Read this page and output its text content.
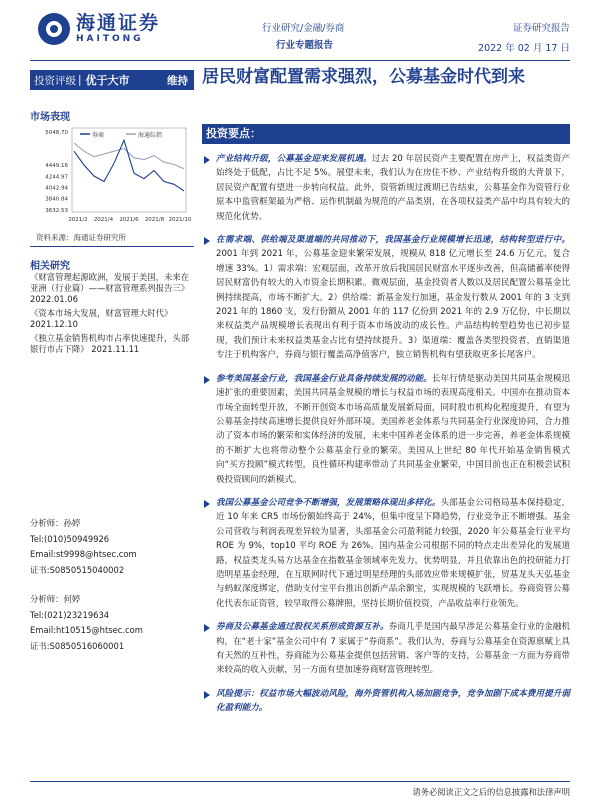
海通证券
HAITONG
行业研究/金融/券商
行业专题报告
证券研究报告
2022 年 02 月 17 日
投资评级 | 优于大市	维持 居民财富配置需求强烈，公募基金时代到来
市场表现
5048.70
4449.16
4244.97
4042.94
3840.84
3632.53
2021/2 2021/4 2021/6 2021/8 2021/10
券商	海通综指
资料来源：海通证券研究所
相关研究
《财富管理起源欧洲，发展于美国，未来在亚洲（行业篇）——财富管理系列报告三》 2022.01.06
《资本市场大发展，财富管理大时代》 2021.12.10
《独立基金销售机构市占率快速提升，头部银行市占下降》 2021.11.11
分析师：孙婷
Tel:(010)50949926
Email:st9998@htsec.com
证书:S0850515040002
分析师：何婷
Tel:(021)23219634
Email:ht10515@htsec.com
证书:S0850516060001
投资要点：
产业结构升级，公募基金迎来发展机遇。过去 20 年居民资产主要配置在房产上，权益类资产始终处于低配，占比不足 5%。展望未来，我们认为在房住不炒、产业结构升级的大背景下，居民资产配置有望进一步转向权益。此外，资管新规过渡期已告结束，公募基金作为资管行业原本中监管框架最为严格、运作机制最为规范的产品类别，在各项权益类产品中均具有较大的规范化优势。
在需求端、供给端及渠道端的共同推动下，我国基金行业规模增长迅速，结构转型进行中。2001 年到 2021 年，公募基金迎来繁荣发展，规模从 818 亿元增长至 24.6 万亿元，复合增速 33%。1）需求端：宏观层面，改革开放后我国居民财富水平逐步改善，但高储蓄率使得居民财富仍有较大的入市资金长期积累。微观层面，基金投资者人数以及居民配置公募基金比例持续提高，市场不断扩大。2）供给端：新基金发行加速，基金发行数从 2001 年的 3 支到 2021 年的 1860 支，发行份额从 2001 年的 117 亿份到 2021 年的 2.9 万亿份，中长期以来权益类产品规模增长表现出有利于资本市场波动的成长性。产品结构转型趋势也已初步显现，我们预计未来权益类基金占比有望持续提升。3）渠道端：覆盖各类型投资者，直销渠道专注于机构客户，券商与银行覆盖高净值客户，独立销售机构有望获取更多长尾客户。
参考美国基金行业，我国基金行业具备持续发展的动能。长年行情是驱动美国共同基金规模迅速扩张的重要因素，美国共同基金规模的增长与权益市场的表现高度相关。中国亦在推动资本市场全面转型开放，不断开创资本市场高质量发展新局面，同时股市机构化程度提升，有望为公募基金持续高速增长提供良好外部环境。美国养老金体系与共同基金行业深度协同，合力推动了资本市场的繁荣和实体经济的发展，未来中国养老金体系的进一步完善，养老金体系规模的不断扩大也将带动整个公募基金行业的繁荣。美国从上世纪 80 年代开始基金销售模式向“买方投顾”模式转型，良性循环构建率带动了共同基金业繁荣，中国目前也正在积极尝试积极投资顾问的新模式。
我国公募基金公司竞争不断增强，发展策略体现出多样化。头部基金公司格局基本保持稳定，近 10 年来 CR5 市场份额始终高于 24%，但集中度呈下降趋势，行业竞争正不断增强。基金公司营收与利润表现差异较为显著，头部基金公司盈利能力较强，2020 年公募基金行业平均 ROE 为 9%，top10 平均 ROE 为 26%。国内基金公司根据不同的特点走出差异化的发展道路，权益类龙头易方达基金在指数基金领域率先发力，优势明显，并且依靠出色的投研能力打造明星基金经理，在互联网时代下通过明星经理的头部效应带来规模扩张，贸基龙头天弘基金与蚂蚁深度绑定，借助支付宝平台推出创新产品余额宝，实现规模的飞跃增长。券商资管公募化代表东证资管，较早取得公募牌照，坚持长期价值投资，产品收益率行业领先。
券商及公募基金通过股权关系形成资源互补。券商几乎是国内最早涉足公募基金行业的金融机构，在“老十家”基金公司中有 7 家属于“券商系”。我们认为，券商与公募基金在资源禀赋上具有天然的互补性，券商能为公募基金提供包括营销、客户等的支持，公募基金一方面为券商带来较高的收入贡献，另一方面有望加速券商财富管理转型。
风险提示：权益市场大幅波动风险，海外资管机构入场加剧竞争，竞争加剧下成本费用提升弱化盈利能力。
请务必阅读正文之后的信息披露和法律声明
